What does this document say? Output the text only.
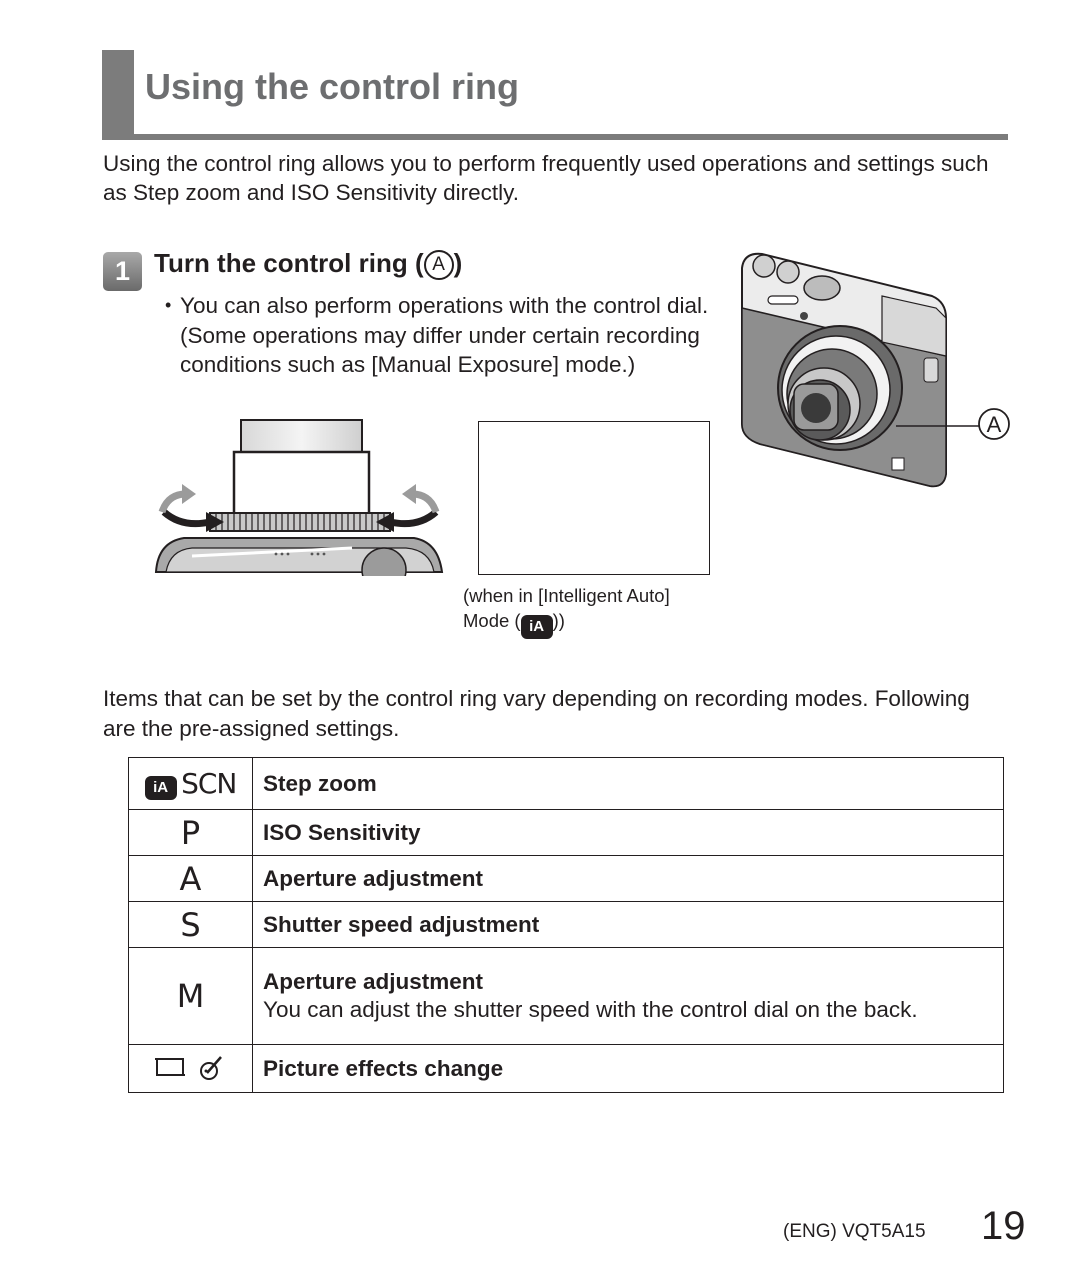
Using the control ring
Using the control ring allows you to perform frequently used operations and settings such as Step zoom and ISO Sensitivity directly.
1 Turn the control ring ( A )
• You can also perform operations with the control dial. (Some operations may differ under certain recording conditions such as [Manual Exposure] mode.)
(when in [Intelligent Auto]
Mode ( iA ))
A
Items that can be set by the control ring vary depending on recording modes. Following are the pre-assigned settings.
iA SCN	Step zoom
P	ISO Sensitivity
A	Aperture adjustment
S	Shutter speed adjustment
M	Aperture adjustment
You can adjust the shutter speed with the control dial on the back.

	Picture effects change
(ENG) VQT5A15 19
